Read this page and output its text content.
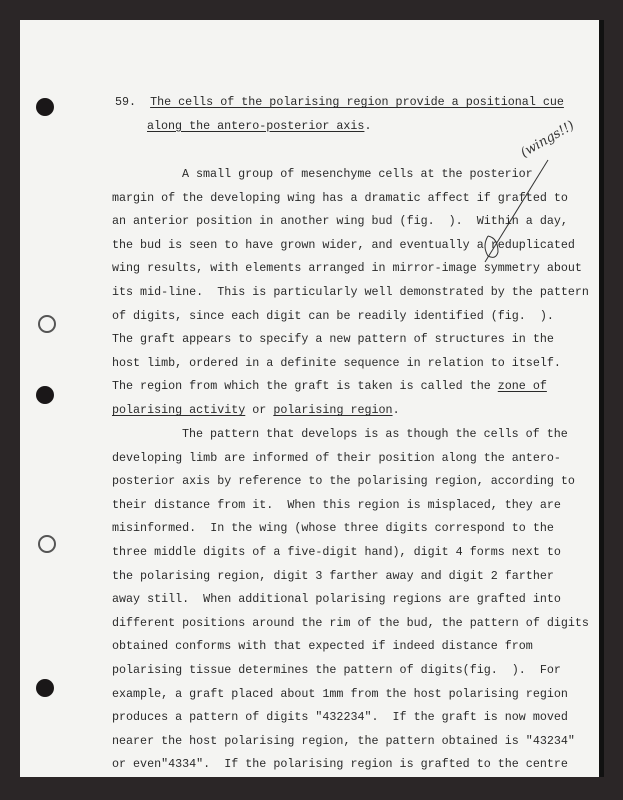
59. The cells of the polarising region provide a positional cue
along the antero-posterior axis.	(wings!!)
A small group of mesenchyme cells at the posterior
margin of the developing wing has a dramatic affect if grafted to
an anterior position in another wing bud (fig.  ).  Within a day,
the bud is seen to have grown wider, and eventually a reduplicated
wing results, with elements arranged in mirror-image symmetry about
its mid-line.  This is particularly well demonstrated by the pattern
of digits, since each digit can be readily identified (fig.  ).
The graft appears to specify a new pattern of structures in the
host limb, ordered in a definite sequence in relation to itself.
The region from which the graft is taken is called the zone of
polarising activity or polarising region.
The pattern that develops is as though the cells of the
developing limb are informed of their position along the antero-
posterior axis by reference to the polarising region, according to
their distance from it.  When this region is misplaced, they are
misinformed.  In the wing (whose three digits correspond to the
three middle digits of a five-digit hand), digit 4 forms next to
the polarising region, digit 3 farther away and digit 2 farther
away still.  When additional polarising regions are grafted into
different positions around the rim of the bud, the pattern of digits
obtained conforms with that expected if indeed distance from
polarising tissue determines the pattern of digits(fig.  ).  For
example, a graft placed about 1mm from the host polarising region
produces a pattern of digits "432234".  If the graft is now moved
nearer the host polarising region, the pattern obtained is "43234"
or even"4334".  If the polarising region is grafted to the centre
